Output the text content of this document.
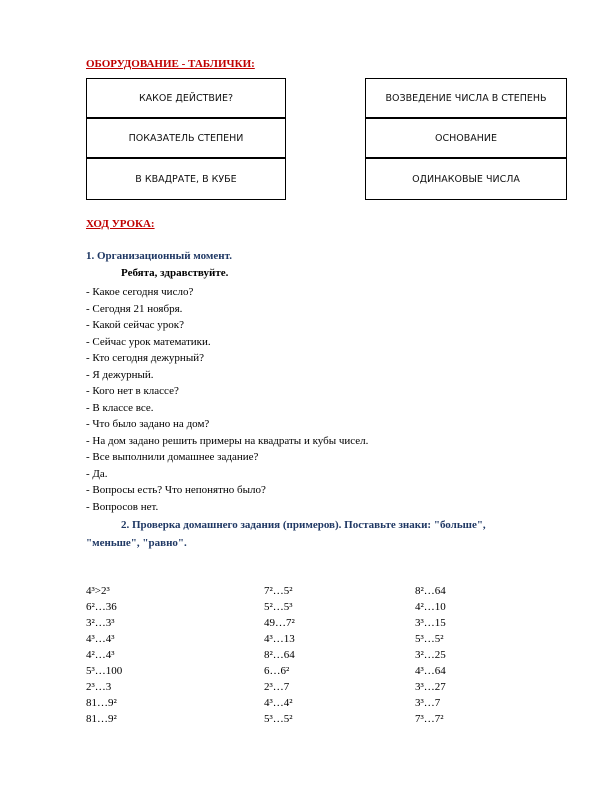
ОБОРУДОВАНИЕ - ТАБЛИЧКИ:
КАКОЕ ДЕЙСТВИЕ?
ПОКАЗАТЕЛЬ СТЕПЕНИ
В КВАДРАТЕ, В КУБЕ
ВОЗВЕДЕНИЕ ЧИСЛА В СТЕПЕНЬ
ОСНОВАНИЕ
ОДИНАКОВЫЕ ЧИСЛА
ХОД УРОКА:
1. Организационный момент.
Ребята, здравствуйте.
- Какое сегодня число?
- Сегодня 21 ноября.
- Какой сейчас урок?
- Сейчас урок математики.
- Кто сегодня дежурный?
- Я дежурный.
- Кого нет в классе?
- В классе все.
- Что было задано на дом?
- На дом задано решить примеры на квадраты и кубы чисел.
- Все выполнили домашнее задание?
- Да.
- Вопросы есть? Что непонятно было?
- Вопросов нет.
2. Проверка домашнего задания (примеров). Поставьте знаки: "больше",
"меньше", "равно".
4³>2³
6²…36
3²…3³
4³…4³
4²…4³
5³…100
2³…3
81…9²
81…9²
7²…5²
5²…5³
49…7²
4³…13
8²…64
6…6²
2³…7
4³…4²
5³…5²
8²…64
4²…10
3³…15
5³…5²
3²…25
4³…64
3³…27
3³…7
7³…7²
